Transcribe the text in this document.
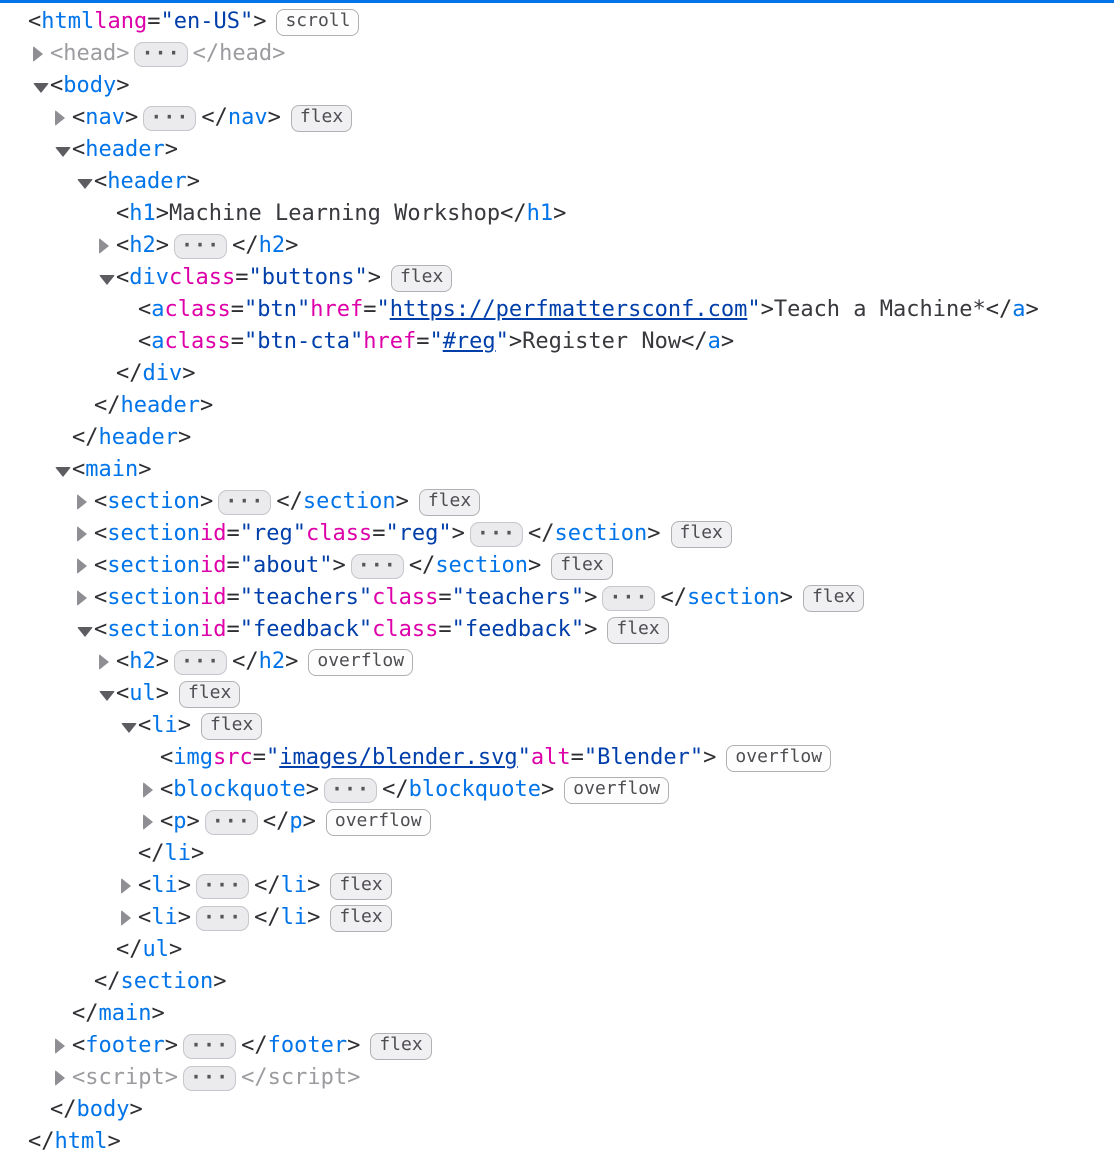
< html lang = "en-US" >	scroll
< head > ··· </ head >
< body >
< nav > ··· </ nav >	flex
< header >
< header >
< h1 > Machine Learning Workshop </ h1 >
< h2 > ··· </ h2 >
< div class = "buttons" >	flex
< a class = "btn" href = " https://perfmattersconf.com " > Teach a Machine* </ a >
< a class = "btn-cta" href = " #reg " > Register Now </ a >
</ div >
</ header >
</ header >
< main >
< section > ··· </ section >	flex
< section id = "reg" class = "reg" > ··· </ section >	flex
< section id = "about" > ··· </ section >	flex
< section id = "teachers" class = "teachers" > ··· </ section >	flex
< section id = "feedback" class = "feedback" >	flex
< h2 > ··· </ h2 >	overflow
< ul >	flex
< li >	flex
< img src = " images/blender.svg " alt = "Blender" >	overflow
< blockquote > ··· </ blockquote >	overflow
< p > ··· </ p >	overflow
</ li >
< li > ··· </ li >	flex
< li > ··· </ li >	flex
</ ul >
</ section >
</ main >
< footer > ··· </ footer >	flex
< script > ··· </ script >
</ body >
</ html >
